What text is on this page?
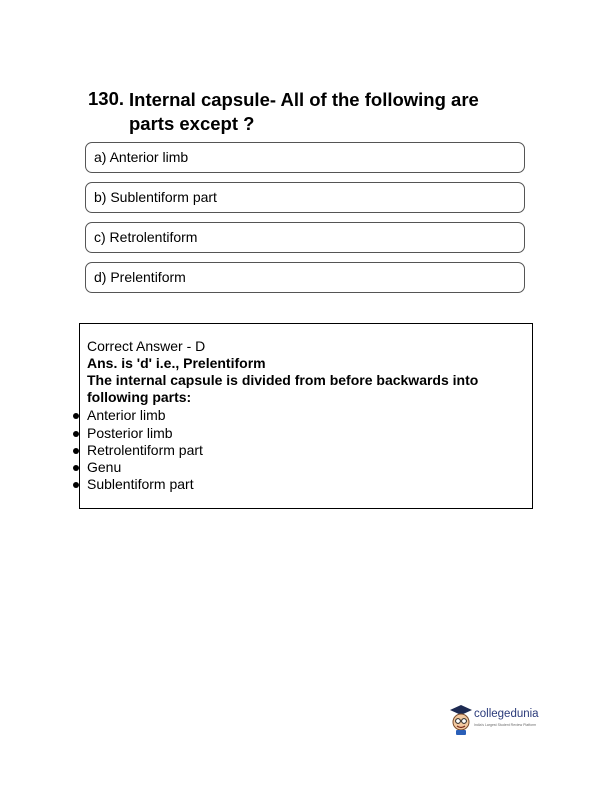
130. Internal capsule- All of the following are parts except ?
a) Anterior limb
b) Sublentiform part
c) Retrolentiform
d) Prelentiform
Correct Answer - D
Ans. is 'd' i.e., Prelentiform
The internal capsule is divided from before backwards into following parts:
Anterior limb
Posterior limb
Retrolentiform part
Genu
Sublentiform part
collegedunia
India's Largest Student Review Platform
